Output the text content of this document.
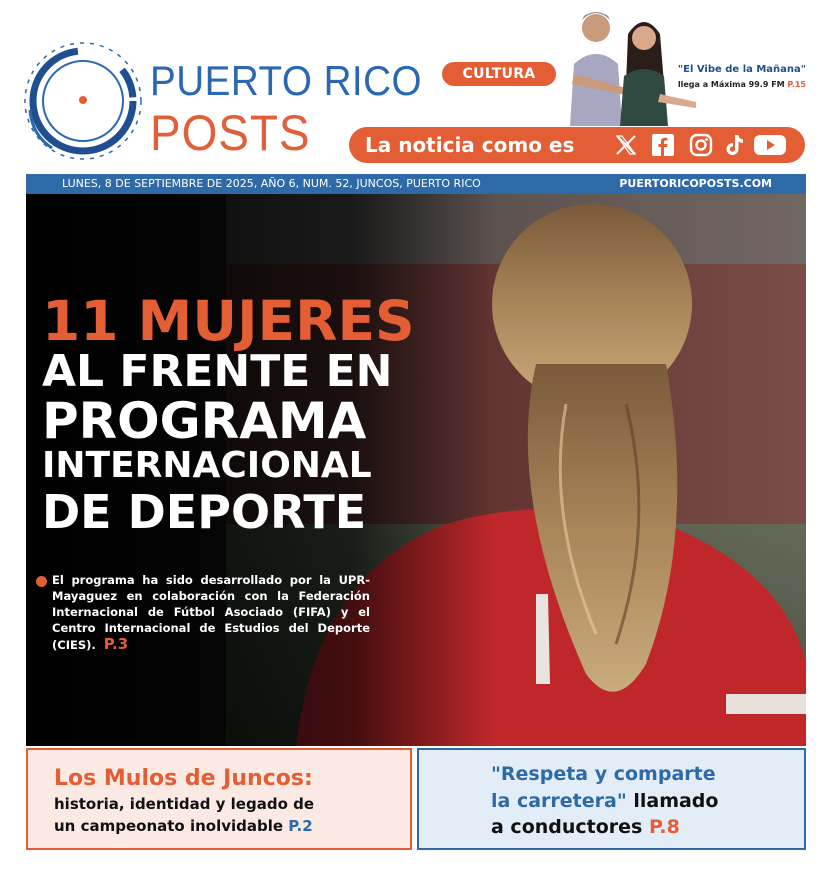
PUERTO RICO
POSTS
CULTURA	"El Vibe de la Mañana"
llega a Máxima 99.9 FM P.15
La noticia como es
LUNES, 8 DE SEPTIEMBRE DE 2025, AÑO 6, NUM. 52, JUNCOS, PUERTO RICO	PUERTORICOPOSTS.COM
11 MUJERES
AL FRENTE EN
PROGRAMA
INTERNACIONAL
DE DEPORTE
El programa ha sido desarrollado por la UPR-Mayaguez en colaboración con la Federación Internacional de Fútbol Asociado (FIFA) y el Centro Internacional de Estudios del Deporte (CIES). P.3
Los Mulos de Juncos:
historia, identidad y legado de
un campeonato inolvidable P.2
"Respeta y comparte
la carretera" llamado
a conductores P.8
